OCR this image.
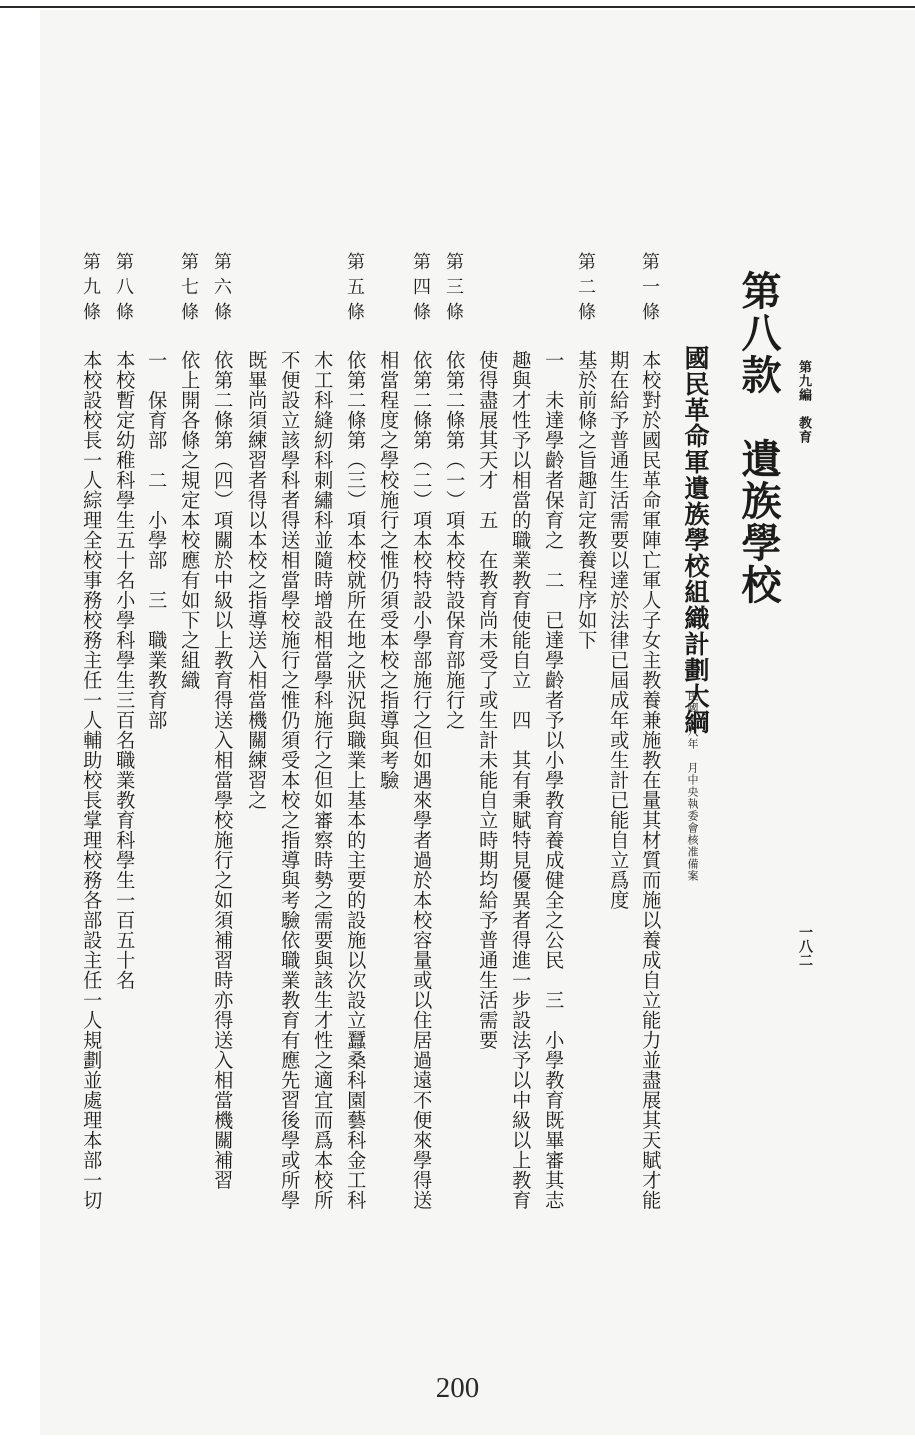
第九編　教育
一八二
第八款　遺族學校
國民革命軍遺族學校組織計劃大綱
民國十八年　月中央執委會核准備案
第一條
本校對於國民革命軍陣亡軍人子女主教養兼施教在量其材質而施以養成自立能力並盡展其天賦才能
期在給予普通生活需要以達於法律已屆成年或生計已能自立爲度
第二條
基於前條之旨趣訂定教養程序如下
一　未達學齡者保育之　二　已達學齡者予以小學教育養成健全之公民　三　小學教育既畢審其志
趣與才性予以相當的職業教育使能自立　四　其有秉賦特見優異者得進一步設法予以中級以上教育
使得盡展其天才　五　在教育尚未受了或生計未能自立時期均給予普通生活需要
第三條
依第二條第（一）項本校特設保育部施行之
第四條
依第二條第（二）項本校特設小學部施行之但如遇來學者過於本校容量或以住居過遠不便來學得送
相當程度之學校施行之惟仍須受本校之指導與考驗
第五條
依第二條第（三）項本校就所在地之狀況與職業上基本的主要的設施以次設立蠶桑科園藝科金工科
木工科縫紉科刺繡科並隨時增設相當學科施行之但如審察時勢之需要與該生才性之適宜而爲本校所
不便設立該學科者得送相當學校施行之惟仍須受本校之指導與考驗依職業教育有應先習後學或所學
既畢尚須練習者得以本校之指導送入相當機關練習之
第六條
依第二條第（四）項關於中級以上教育得送入相當學校施行之如須補習時亦得送入相當機關補習
第七條
依上開各條之規定本校應有如下之組織
一　保育部　二　小學部　三　職業教育部
第八條
本校暫定幼稚科學生五十名小學科學生三百名職業教育科學生一百五十名
第九條
本校設校長一人綜理全校事務校務主任一人輔助校長掌理校務各部設主任一人規劃並處理本部一切
200
